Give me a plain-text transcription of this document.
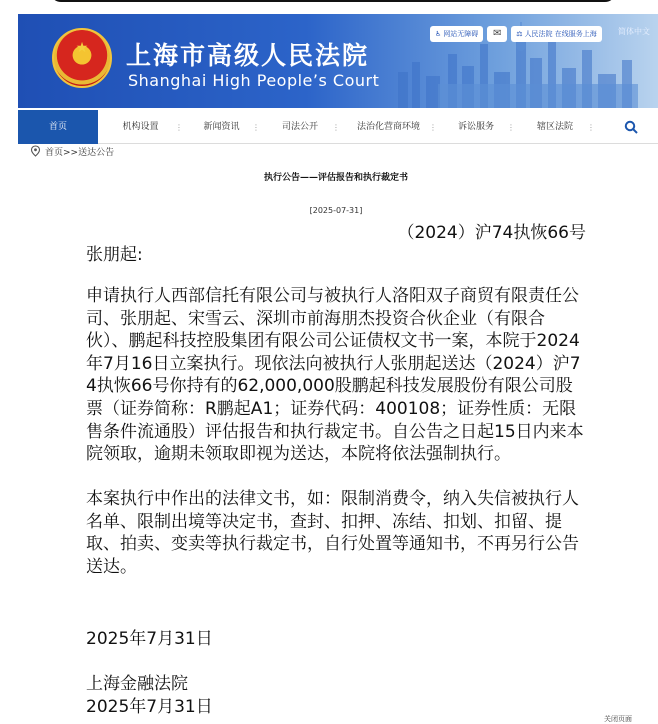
★ 上海市高级人民法院
Shanghai High People’s Court
♿ 网站无障碍 ✉ ⚖ 人民法院 在线服务上海	简体中文
首页	机构设置 ⋮	新闻资讯 ⋮	司法公开 ⋮	法治化营商环境 ⋮	诉讼服务 ⋮	辖区法院 ⋮
首页>>送达公告
执行公告——评估报告和执行裁定书
[2025-07-31]
（2024）沪74执恢66号
张朋起:
申请执行人西部信托有限公司与被执行人洛阳双子商贸有限责任公司、张朋起、宋雪云、深圳市前海朋杰投资合伙企业（有限合伙）、鹏起科技控股集团有限公司公证债权文书一案，本院于2024年7月16日立案执行。现依法向被执行人张朋起送达（2024）沪74执恢66号你持有的62,000,000股鹏起科技发展股份有限公司股票（证券简称：R鹏起A1；证券代码：400108；证券性质：无限售条件流通股）评估报告和执行裁定书。自公告之日起15日内来本院领取，逾期未领取即视为送达，本院将依法强制执行。
本案执行中作出的法律文书，如：限制消费令，纳入失信被执行人名单、限制出境等决定书，查封、扣押、冻结、扣划、扣留、提取、拍卖、变卖等执行裁定书，自行处置等通知书，不再另行公告送达。
2025年7月31日
上海金融法院
2025年7月31日
关闭页面
